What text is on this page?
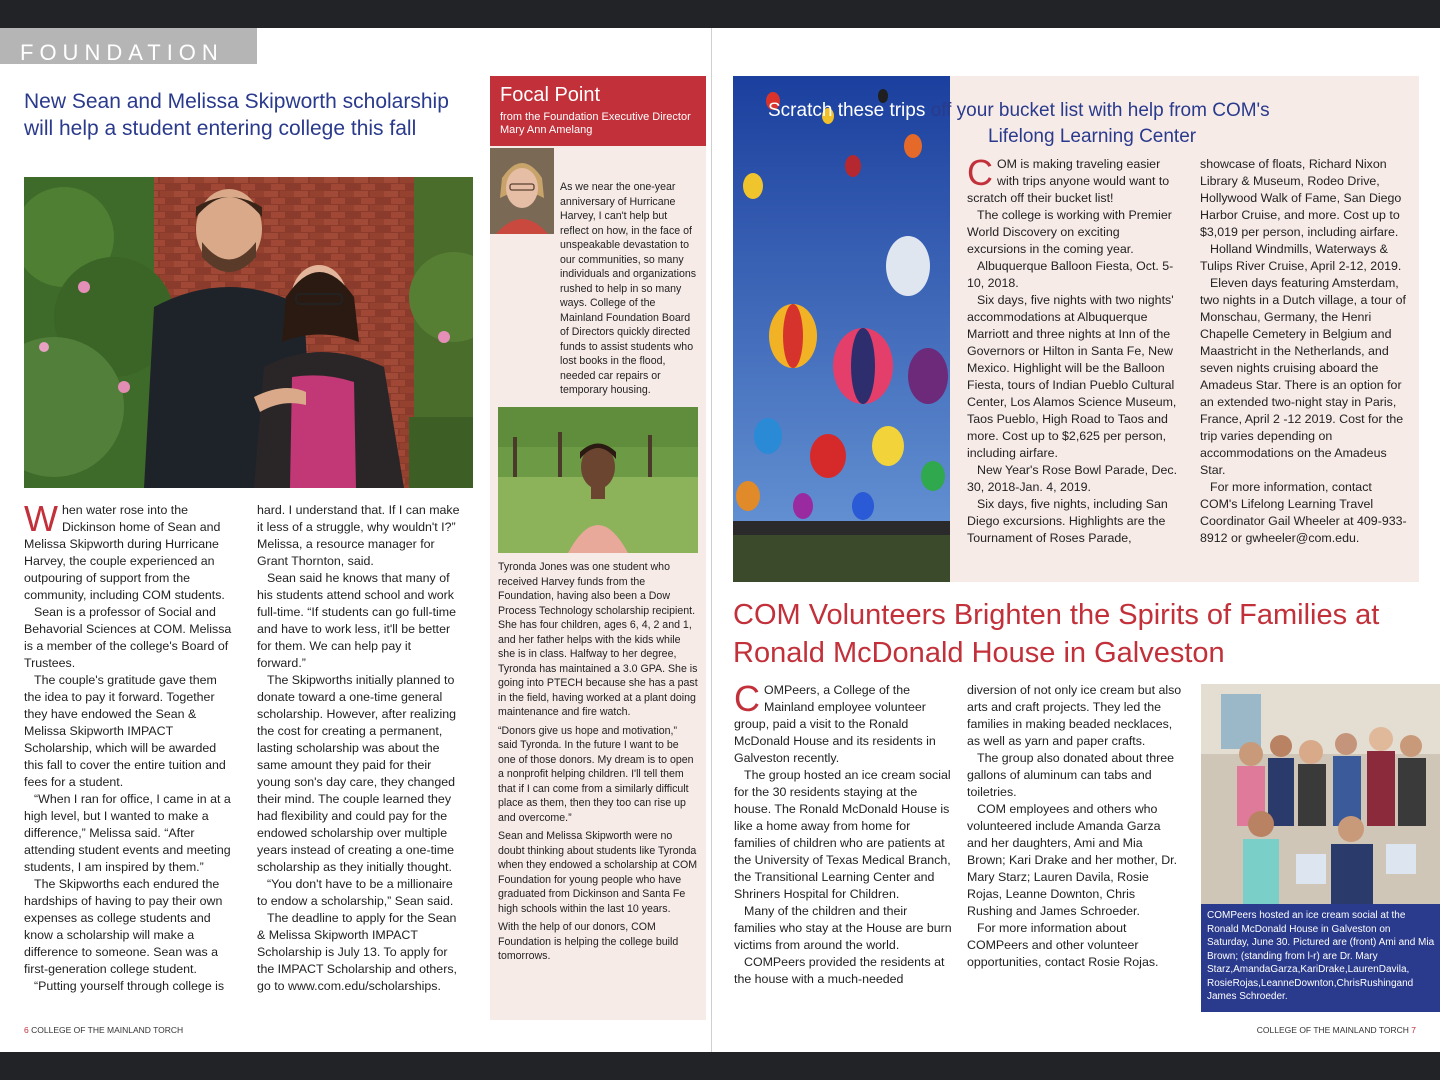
FOUNDATION
New Sean and Melissa Skipworth scholarship will help a student entering college this fall

When water rose into the Dickinson home of Sean and Melissa Skipworth during Hurricane Harvey, the couple experienced an outpouring of support from the community, including COM students.

Sean is a professor of Social and Behavorial Sciences at COM. Melissa is a member of the college's Board of Trustees.

The couple's gratitude gave them the idea to pay it forward. Together they have endowed the Sean & Melissa Skipworth IMPACT Scholarship, which will be awarded this fall to cover the entire tuition and fees for a student.

“When I ran for office, I came in at a high level, but I wanted to make a difference,” Melissa said. “After attending student events and meeting students, I am inspired by them.”

The Skipworths each endured the hardships of having to pay their own expenses as college students and know a scholarship will make a difference to someone. Sean was a first-generation college student.

“Putting yourself through college is

hard. I understand that. If I can make it less of a struggle, why wouldn't I?” Melissa, a resource manager for Grant Thornton, said.

Sean said he knows that many of his students attend school and work full-time. “If students can go full-time and have to work less, it'll be better for them. We can help pay it forward.”

The Skipworths initially planned to donate toward a one-time general scholarship. However, after realizing the cost for creating a permanent, lasting scholarship was about the same amount they paid for their young son's day care, they changed their mind. The couple learned they had flexibility and could pay for the endowed scholarship over multiple years instead of creating a one-time scholarship as they initially thought.

“You don't have to be a millionaire to endow a scholarship,” Sean said.

The deadline to apply for the Sean & Melissa Skipworth IMPACT Scholarship is July 13. To apply for the IMPACT Scholarship and others, go to www.com.edu/scholarships.

Focal Point
from the Foundation Executive Director Mary Ann Amelang

As we near the one-year anniversary of Hurricane Harvey, I can't help but reflect on how, in the face of unspeakable devastation to our communities, so many individuals and organizations rushed to help in so many ways. College of the Mainland Foundation Board of Directors quickly directed funds to assist students who lost books in the flood, needed car repairs or temporary housing.

Tyronda Jones was one student who received Harvey funds from the Foundation, having also been a Dow Process Technology scholarship recipient. She has four children, ages 6, 4, 2 and 1, and her father helps with the kids while she is in class. Halfway to her degree, Tyronda has maintained a 3.0 GPA. She is going into PTECH because she has a past in the field, having worked at a plant doing maintenance and fire watch.

“Donors give us hope and motivation,” said Tyronda. In the future I want to be one of those donors. My dream is to open a nonprofit helping children. I'll tell them that if I can come from a similarly difficult place as them, then they too can rise up and overcome.”

Sean and Melissa Skipworth were no doubt thinking about students like Tyronda when they endowed a scholarship at COM Foundation for young people who have graduated from Dickinson and Santa Fe high schools within the last 10 years.

With the help of our donors, COM Foundation is helping the college build tomorrows.

6 COLLEGE OF THE MAINLAND TORCH
Scratch these trips off your bucket list with help from COM's
Lifelong Learning Center

COM is making traveling easier with trips anyone would want to scratch off their bucket list!

The college is working with Premier World Discovery on exciting excursions in the coming year.

Albuquerque Balloon Fiesta, Oct. 5-10, 2018.

Six days, five nights with two nights' accommodations at Albuquerque Marriott and three nights at Inn of the Governors or Hilton in Santa Fe, New Mexico. Highlight will be the Balloon Fiesta, tours of Indian Pueblo Cultural Center, Los Alamos Science Museum, Taos Pueblo, High Road to Taos and more. Cost up to $2,625 per person, including airfare.

New Year's Rose Bowl Parade, Dec. 30, 2018-Jan. 4, 2019.

Six days, five nights, including San Diego excursions. Highlights are the Tournament of Roses Parade,

showcase of floats, Richard Nixon Library & Museum, Rodeo Drive, Hollywood Walk of Fame, San Diego Harbor Cruise, and more. Cost up to $3,019 per person, including airfare.

Holland Windmills, Waterways & Tulips River Cruise, April 2-12, 2019.

Eleven days featuring Amsterdam, two nights in a Dutch village, a tour of Monschau, Germany, the Henri Chapelle Cemetery in Belgium and Maastricht in the Netherlands, and seven nights cruising aboard the Amadeus Star. There is an option for an extended two-night stay in Paris, France, April 2 -12 2019. Cost for the trip varies depending on accommodations on the Amadeus Star.

For more information, contact COM's Lifelong Learning Travel Coordinator Gail Wheeler at 409-933-8912 or gwheeler@com.edu.

COM Volunteers Brighten the Spirits of Families at Ronald McDonald House in Galveston

C OMPeers, a College of the Mainland employee volunteer group, paid a visit to the Ronald McDonald House and its residents in Galveston recently.

The group hosted an ice cream social for the 30 residents staying at the house. The Ronald McDonald House is like a home away from home for families of children who are patients at the University of Texas Medical Branch, the Transitional Learning Center and Shriners Hospital for Children.

Many of the children and their families who stay at the House are burn victims from around the world.

COMPeers provided the residents at the house with a much-needed

diversion of not only ice cream but also arts and craft projects. They led the families in making beaded necklaces, as well as yarn and paper crafts.

The group also donated about three gallons of aluminum can tabs and toiletries.

COM employees and others who volunteered include Amanda Garza and her daughters, Ami and Mia Brown; Kari Drake and her mother, Dr. Mary Starz; Lauren Davila, Rosie Rojas, Leanne Downton, Chris Rushing and James Schroeder.

For more information about COMPeers and other volunteer opportunities, contact Rosie Rojas.

COMPeers hosted an ice cream social at the Ronald McDonald House in Galveston on Saturday, June 30. Pictured are (front) Ami and Mia Brown; (standing from l-r) are Dr. Mary Starz,AmandaGarza,KariDrake,LaurenDavila, RosieRojas,LeanneDownton,ChrisRushingand James Schroeder.
COLLEGE OF THE MAINLAND TORCH 7
